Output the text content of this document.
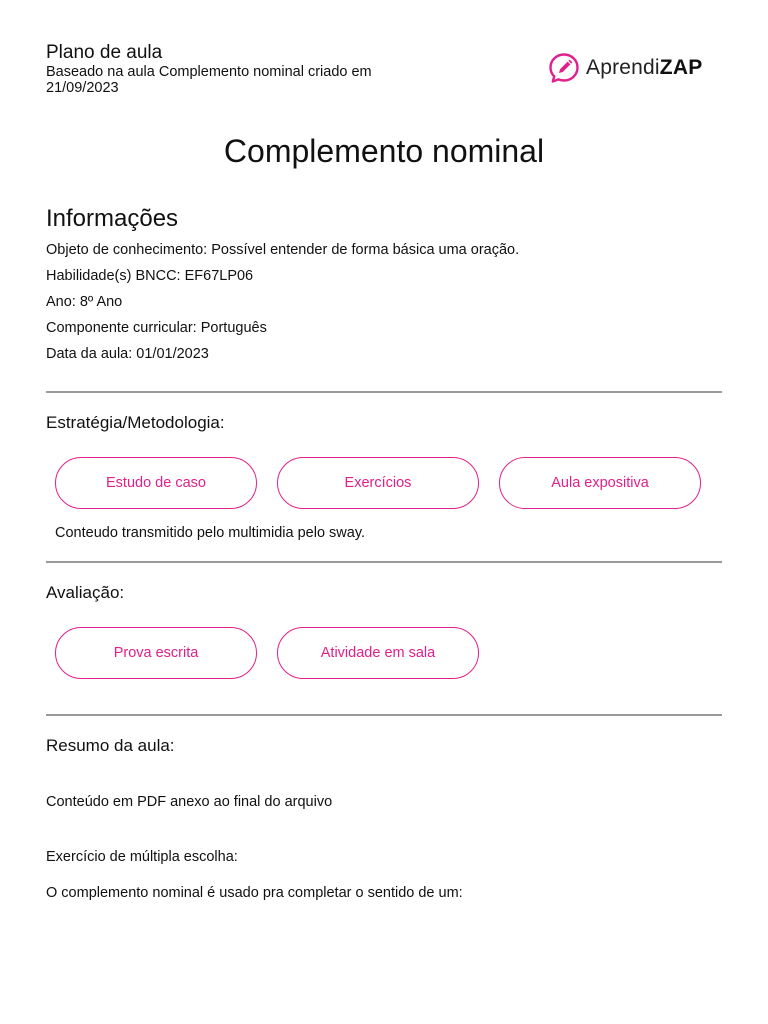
Plano de aula
Baseado na aula Complemento nominal criado em
21/09/2023
AprendiZAP
Complemento nominal
Informações
Objeto de conhecimento: Possível entender de forma básica uma oração.
Habilidade(s) BNCC: EF67LP06
Ano: 8º Ano
Componente curricular: Português
Data da aula: 01/01/2023
Estratégia/Metodologia:
Estudo de caso	Exercícios	Aula expositiva
Conteudo transmitido pelo multimidia pelo sway.
Avaliação:
Prova escrita	Atividade em sala
Resumo da aula:
Conteúdo em PDF anexo ao final do arquivo
Exercício de múltipla escolha:
O complemento nominal é usado pra completar o sentido de um:
